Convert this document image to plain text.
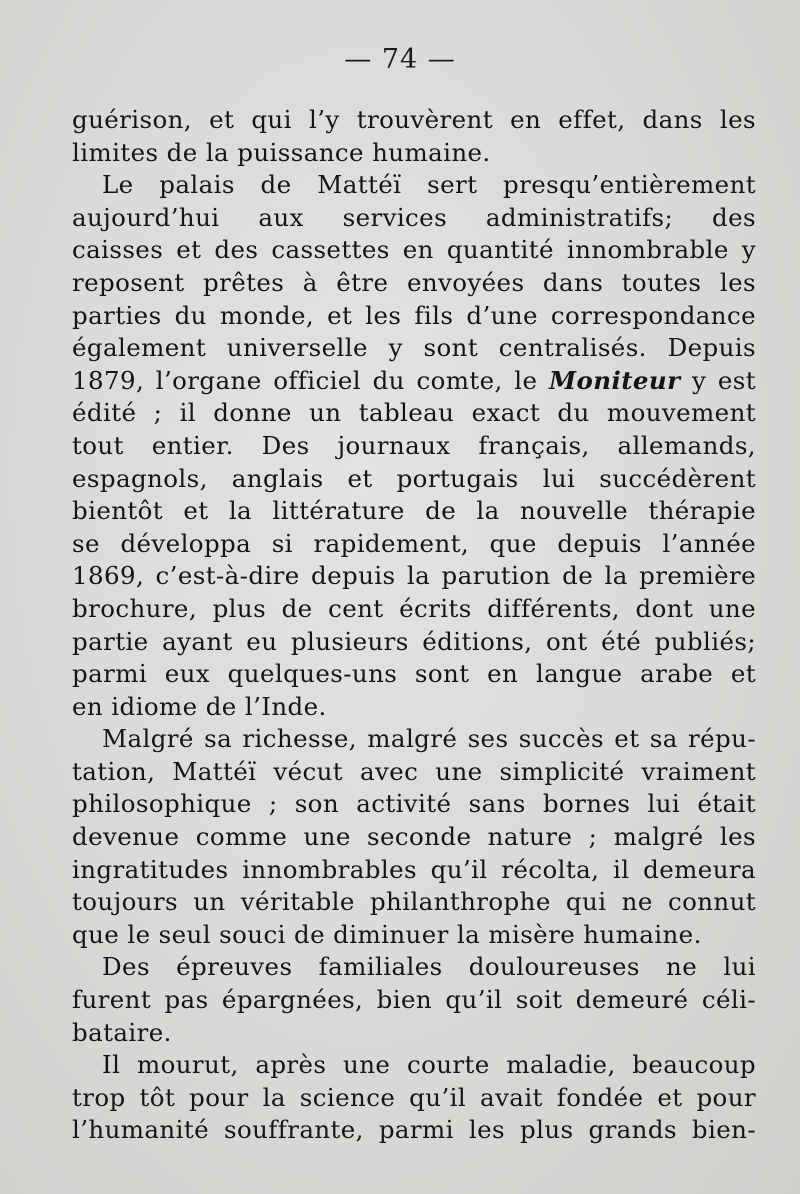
— 74 —
guérison, et qui l’y trouvèrent en effet, dans les
limites de la puissance humaine.
Le palais de Mattéï sert presqu’entièrement
aujourd’hui aux services administratifs; des
caisses et des cassettes en quantité innombrable y
reposent prêtes à être envoyées dans toutes les
parties du monde, et les fils d’une correspondance
également universelle y sont centralisés. Depuis
1879, l’organe officiel du comte, le Moniteur y est
édité ; il donne un tableau exact du mouvement
tout entier. Des journaux français, allemands,
espagnols, anglais et portugais lui succédèrent
bientôt et la littérature de la nouvelle thérapie
se développa si rapidement, que depuis l’année
1869, c’est-à-dire depuis la parution de la première
brochure, plus de cent écrits différents, dont une
partie ayant eu plusieurs éditions, ont été publiés;
parmi eux quelques-uns sont en langue arabe et
en idiome de l’Inde.
Malgré sa richesse, malgré ses succès et sa répu-
tation, Mattéï vécut avec une simplicité vraiment
philosophique ; son activité sans bornes lui était
devenue comme une seconde nature ; malgré les
ingratitudes innombrables qu’il récolta, il demeura
toujours un véritable philanthrophe qui ne connut
que le seul souci de diminuer la misère humaine.
Des épreuves familiales douloureuses ne lui
furent pas épargnées, bien qu’il soit demeuré céli-
bataire.
Il mourut, après une courte maladie, beaucoup
trop tôt pour la science qu’il avait fondée et pour
l’humanité souffrante, parmi les plus grands bien-
